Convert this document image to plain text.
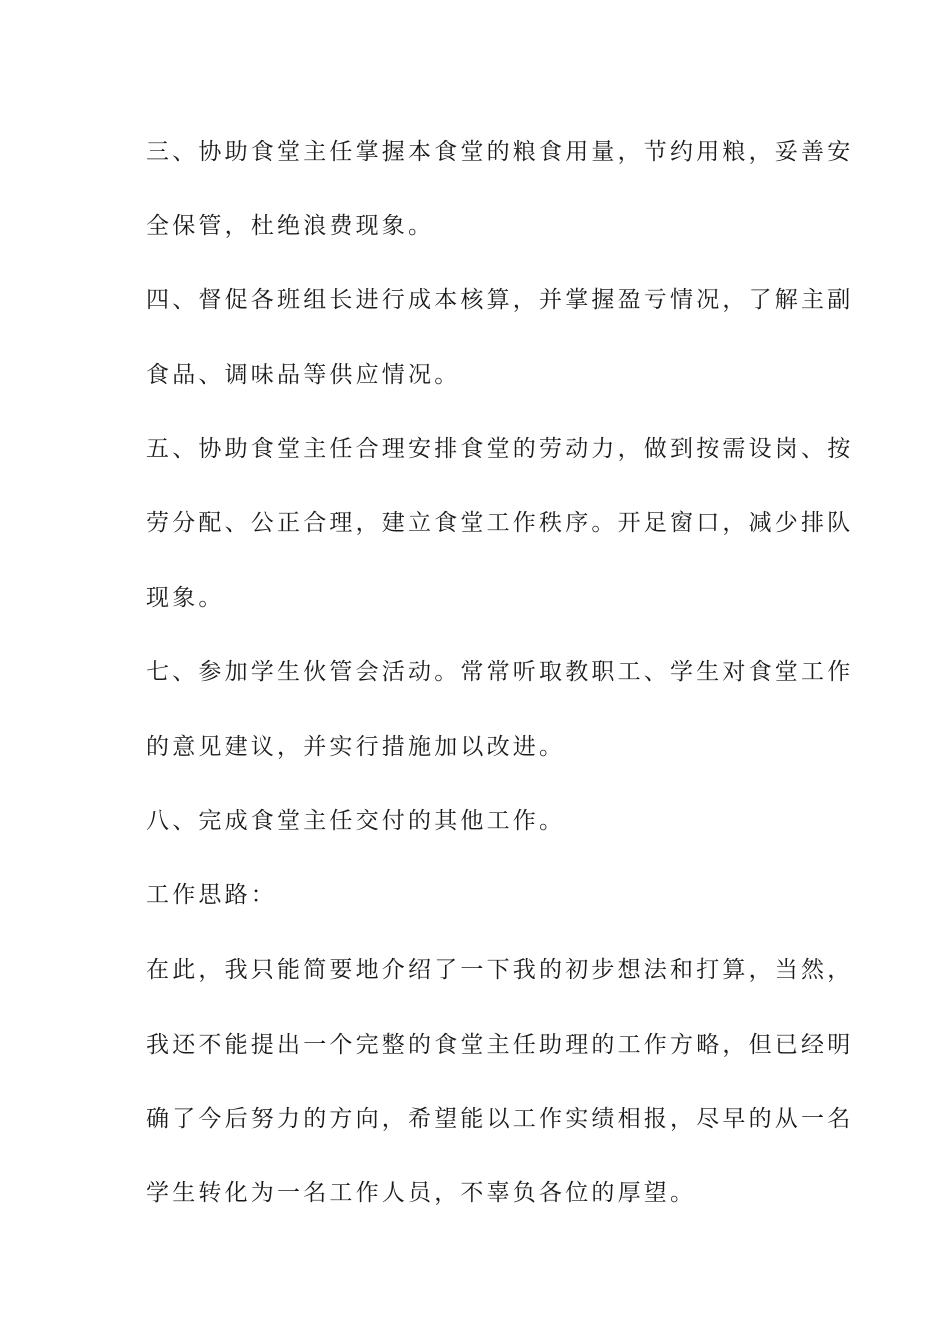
三、协助食堂主任掌握本食堂的粮食用量，节约用粮，妥善安
全保管，杜绝浪费现象。
四、督促各班组长进行成本核算，并掌握盈亏情况，了解主副
食品、调味品等供应情况。
五、协助食堂主任合理安排食堂的劳动力，做到按需设岗、按
劳分配、公正合理，建立食堂工作秩序。开足窗口，减少排队
现象。
七、参加学生伙管会活动。常常听取教职工、学生对食堂工作
的意见建议，并实行措施加以改进。
八、完成食堂主任交付的其他工作。
工作思路：
在此，我只能简要地介绍了一下我的初步想法和打算，当然，
我还不能提出一个完整的食堂主任助理的工作方略，但已经明
确了今后努力的方向，希望能以工作实绩相报，尽早的从一名
学生转化为一名工作人员，不辜负各位的厚望。
